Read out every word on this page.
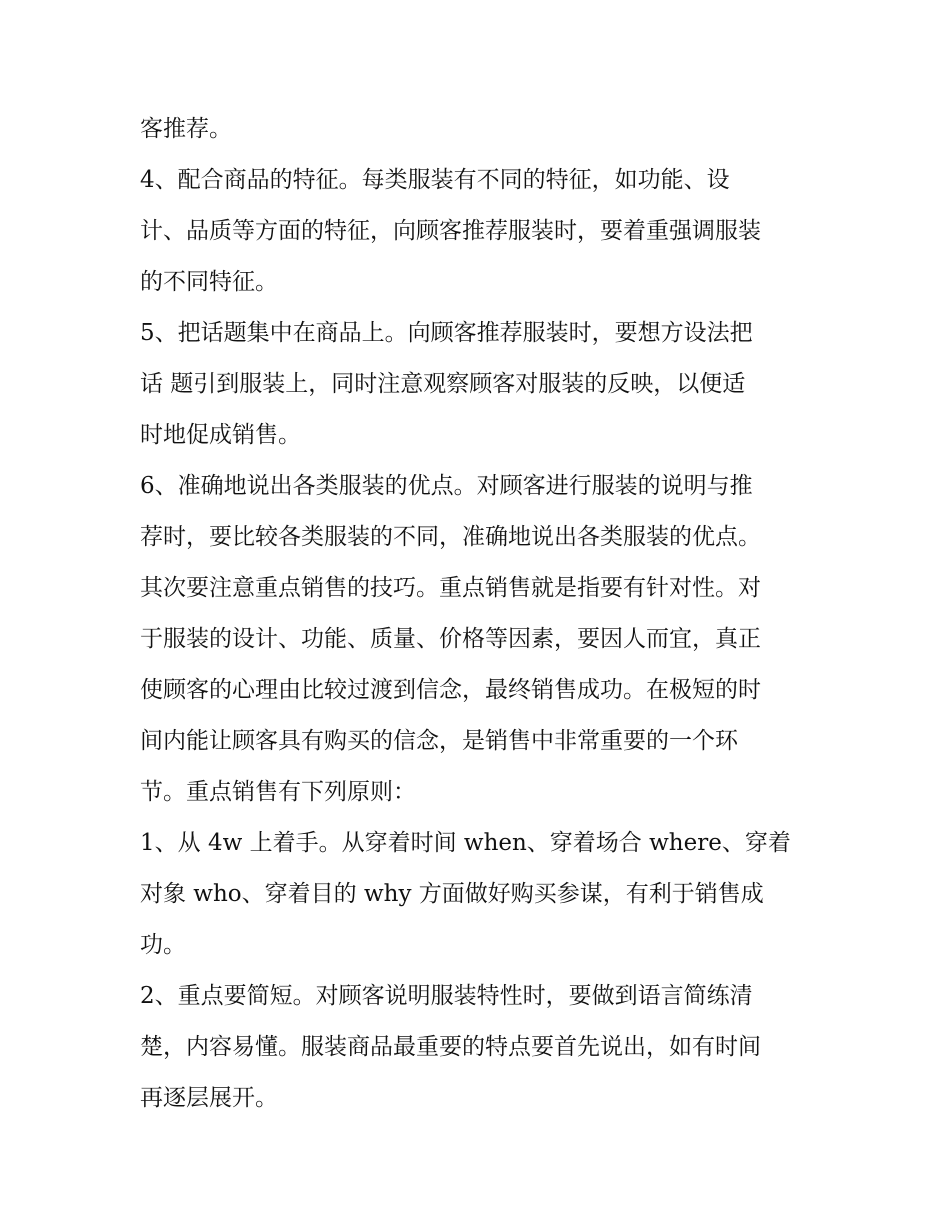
客推荐。
4、配合商品的特征。每类服装有不同的特征，如功能、设
计、品质等方面的特征，向顾客推荐服装时，要着重强调服装
的不同特征。
5、把话题集中在商品上。向顾客推荐服装时，要想方设法把
话 题引到服装上，同时注意观察顾客对服装的反映，以便适
时地促成销售。
6、准确地说出各类服装的优点。对顾客进行服装的说明与推
荐时，要比较各类服装的不同，准确地说出各类服装的优点。
其次要注意重点销售的技巧。重点销售就是指要有针对性。对
于服装的设计、功能、质量、价格等因素，要因人而宜，真正
使顾客的心理由比较过渡到信念，最终销售成功。在极短的时
间内能让顾客具有购买的信念，是销售中非常重要的一个环
节。重点销售有下列原则：
1、从 4w 上着手。从穿着时间 when、穿着场合 where、穿着
对象 who、穿着目的 why 方面做好购买参谋，有利于销售成
功。
2、重点要简短。对顾客说明服装特性时，要做到语言简练清
楚，内容易懂。服装商品最重要的特点要首先说出，如有时间
再逐层展开。
